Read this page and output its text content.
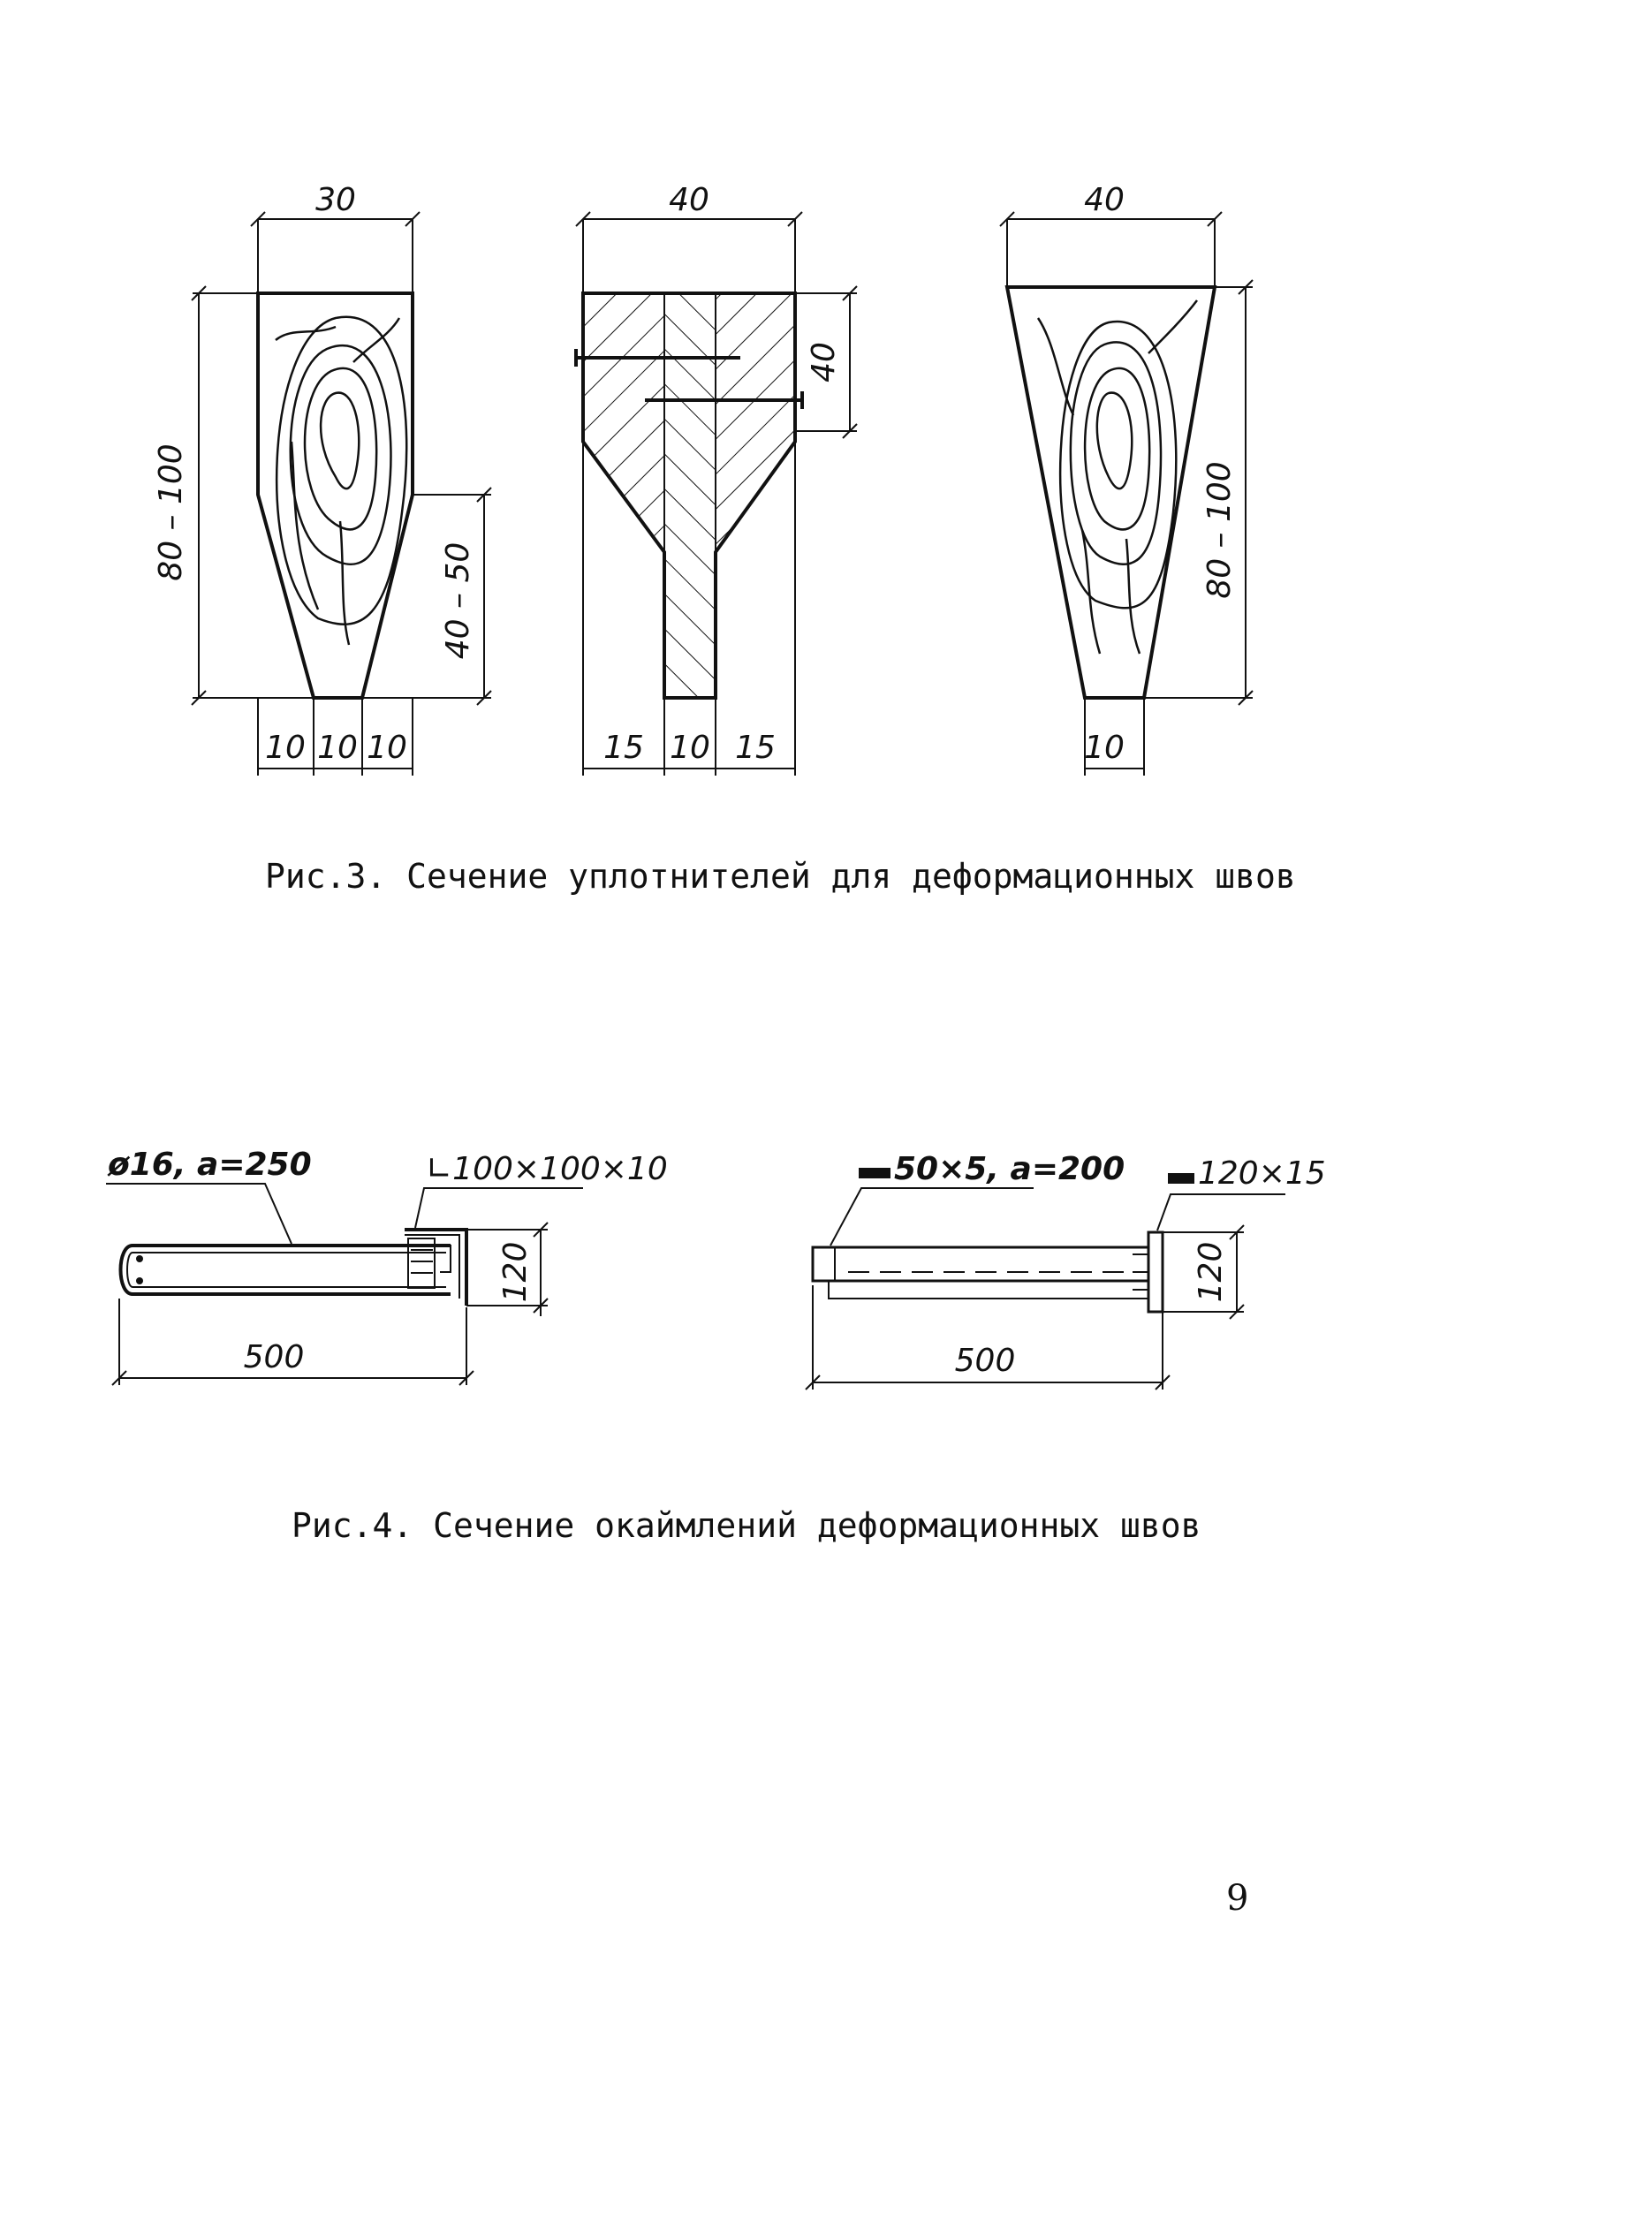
30
80 – 100
40 – 50
10 10 10
40
40
15 10 15
40
80 – 100
10
Рис.3. Сечение уплотнителей для деформационных швов
ø16, a=250	∟100×100×10
120
500
50×5, a=200 120×15
120
500
Рис.4. Сечение окаймлений деформационных швов
9
